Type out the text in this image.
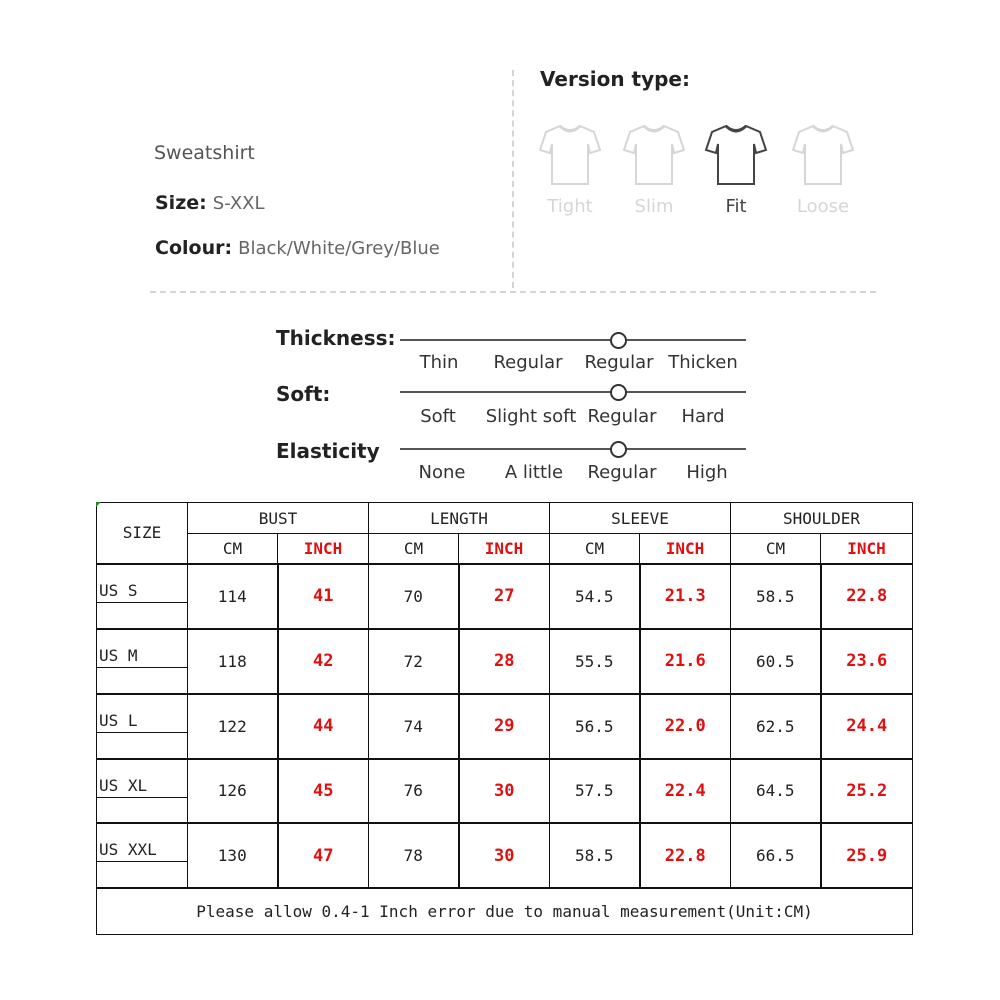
Sweatshirt
Size: S-XXL
Colour: Black/White/Grey/Blue
Version type:
Tight	Slim	Fit	Loose
Thickness:
Thin Regular Regular Thicken
Soft:
Soft Slight soft Regular Hard
Elasticity
None A little Regular High
SIZE	BUST		LENGTH		SLEEVE		SHOULDER	
	CM	INCH	CM	INCH	CM	INCH	CM	INCH

US S	114	41	70	27	54.5	21.3	58.5	22.8

US M	118	42	72	28	55.5	21.6	60.5	23.6

US L	122	44	74	29	56.5	22.0	62.5	24.4

US XL	126	45	76	30	57.5	22.4	64.5	25.2

US XXL	130	47	78	30	58.5	22.8	66.5	25.9
Please allow 0.4-1 Inch error due to manual measurement(Unit:CM)								
